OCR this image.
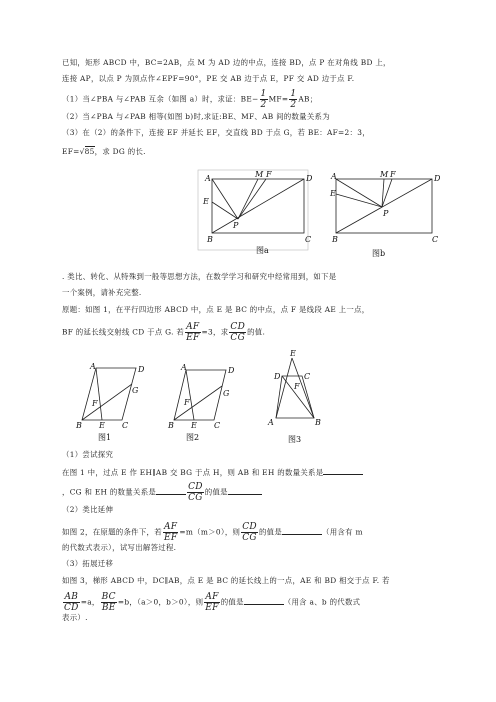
已知，矩形 ABCD 中，BC=2AB，点 M 为 AD 边的中点，连接 BD，点 P 在对角线 BD 上，
连接 AP，以点 P 为顶点作∠EPF=90°，PE 交 AB 边于点 E，PF 交 AD 边于点 F.
（1）当∠PBA 与∠PAB 互余（如图 a）时，求证：$BE- \frac{1}{2} MF= \frac{1}{2}$ AB；
（2）当∠PBA 与∠PAB 相等(如图 b)时,求证:BE、MF、AB 间的数量关系为
（3）在（2）的条件下，连接 EF 并延长 EF，交直线 BD 于点 G，若 BE：AF=2：3，
EF=√85，求 DG 的长.
A	M F	D
E
P
B	C
图a
A	M F	D
E
P
B	C
图b
. 类比、转化、从特殊到一般等思想方法，在数学学习和研究中经常用到，如下是
一个案例，请补充完整.
原题：如图 1，在平行四边形 ABCD 中，点 E 是 BC 的中点，点 F 是线段 AE 上一点，
BF 的延长线交射线 CD 于点 G. 若 $\frac{AF}{EF} =3$，求 $\frac{CD}{CG}$ 的值.
A	D
F
G
B E C
图1
A	D
F
G
B E C
图2
E
D	C
F
A	B
图3
（1）尝试探究
在图 1 中，过点 E 作 EH∥AB 交 BG 于点 H，则 AB 和 EH 的数量关系是
，CG 和 EH 的数量关系是	$\frac{CD}{CG}$ 的值是
（2）类比延伸
如图 2，在原题的条件下，若 $\frac{AF}{EF} =m(m>0)$，则 $\frac{CD}{CG}$ 的值是	（用含有 m
的代数式表示），试写出解答过程.
（3）拓展迁移
如图 3，梯形 ABCD 中，DC∥AB，点 E 是 BC 的延长线上的一点，AE 和 BD 相交于点 F. 若
$\frac{AB}{CD} =a$， $\frac{BC}{BE} =b$，（a＞0，b＞0），则 $\frac{AF}{EF}$ 的值是	（用含 a、b 的代数式
表示）.
